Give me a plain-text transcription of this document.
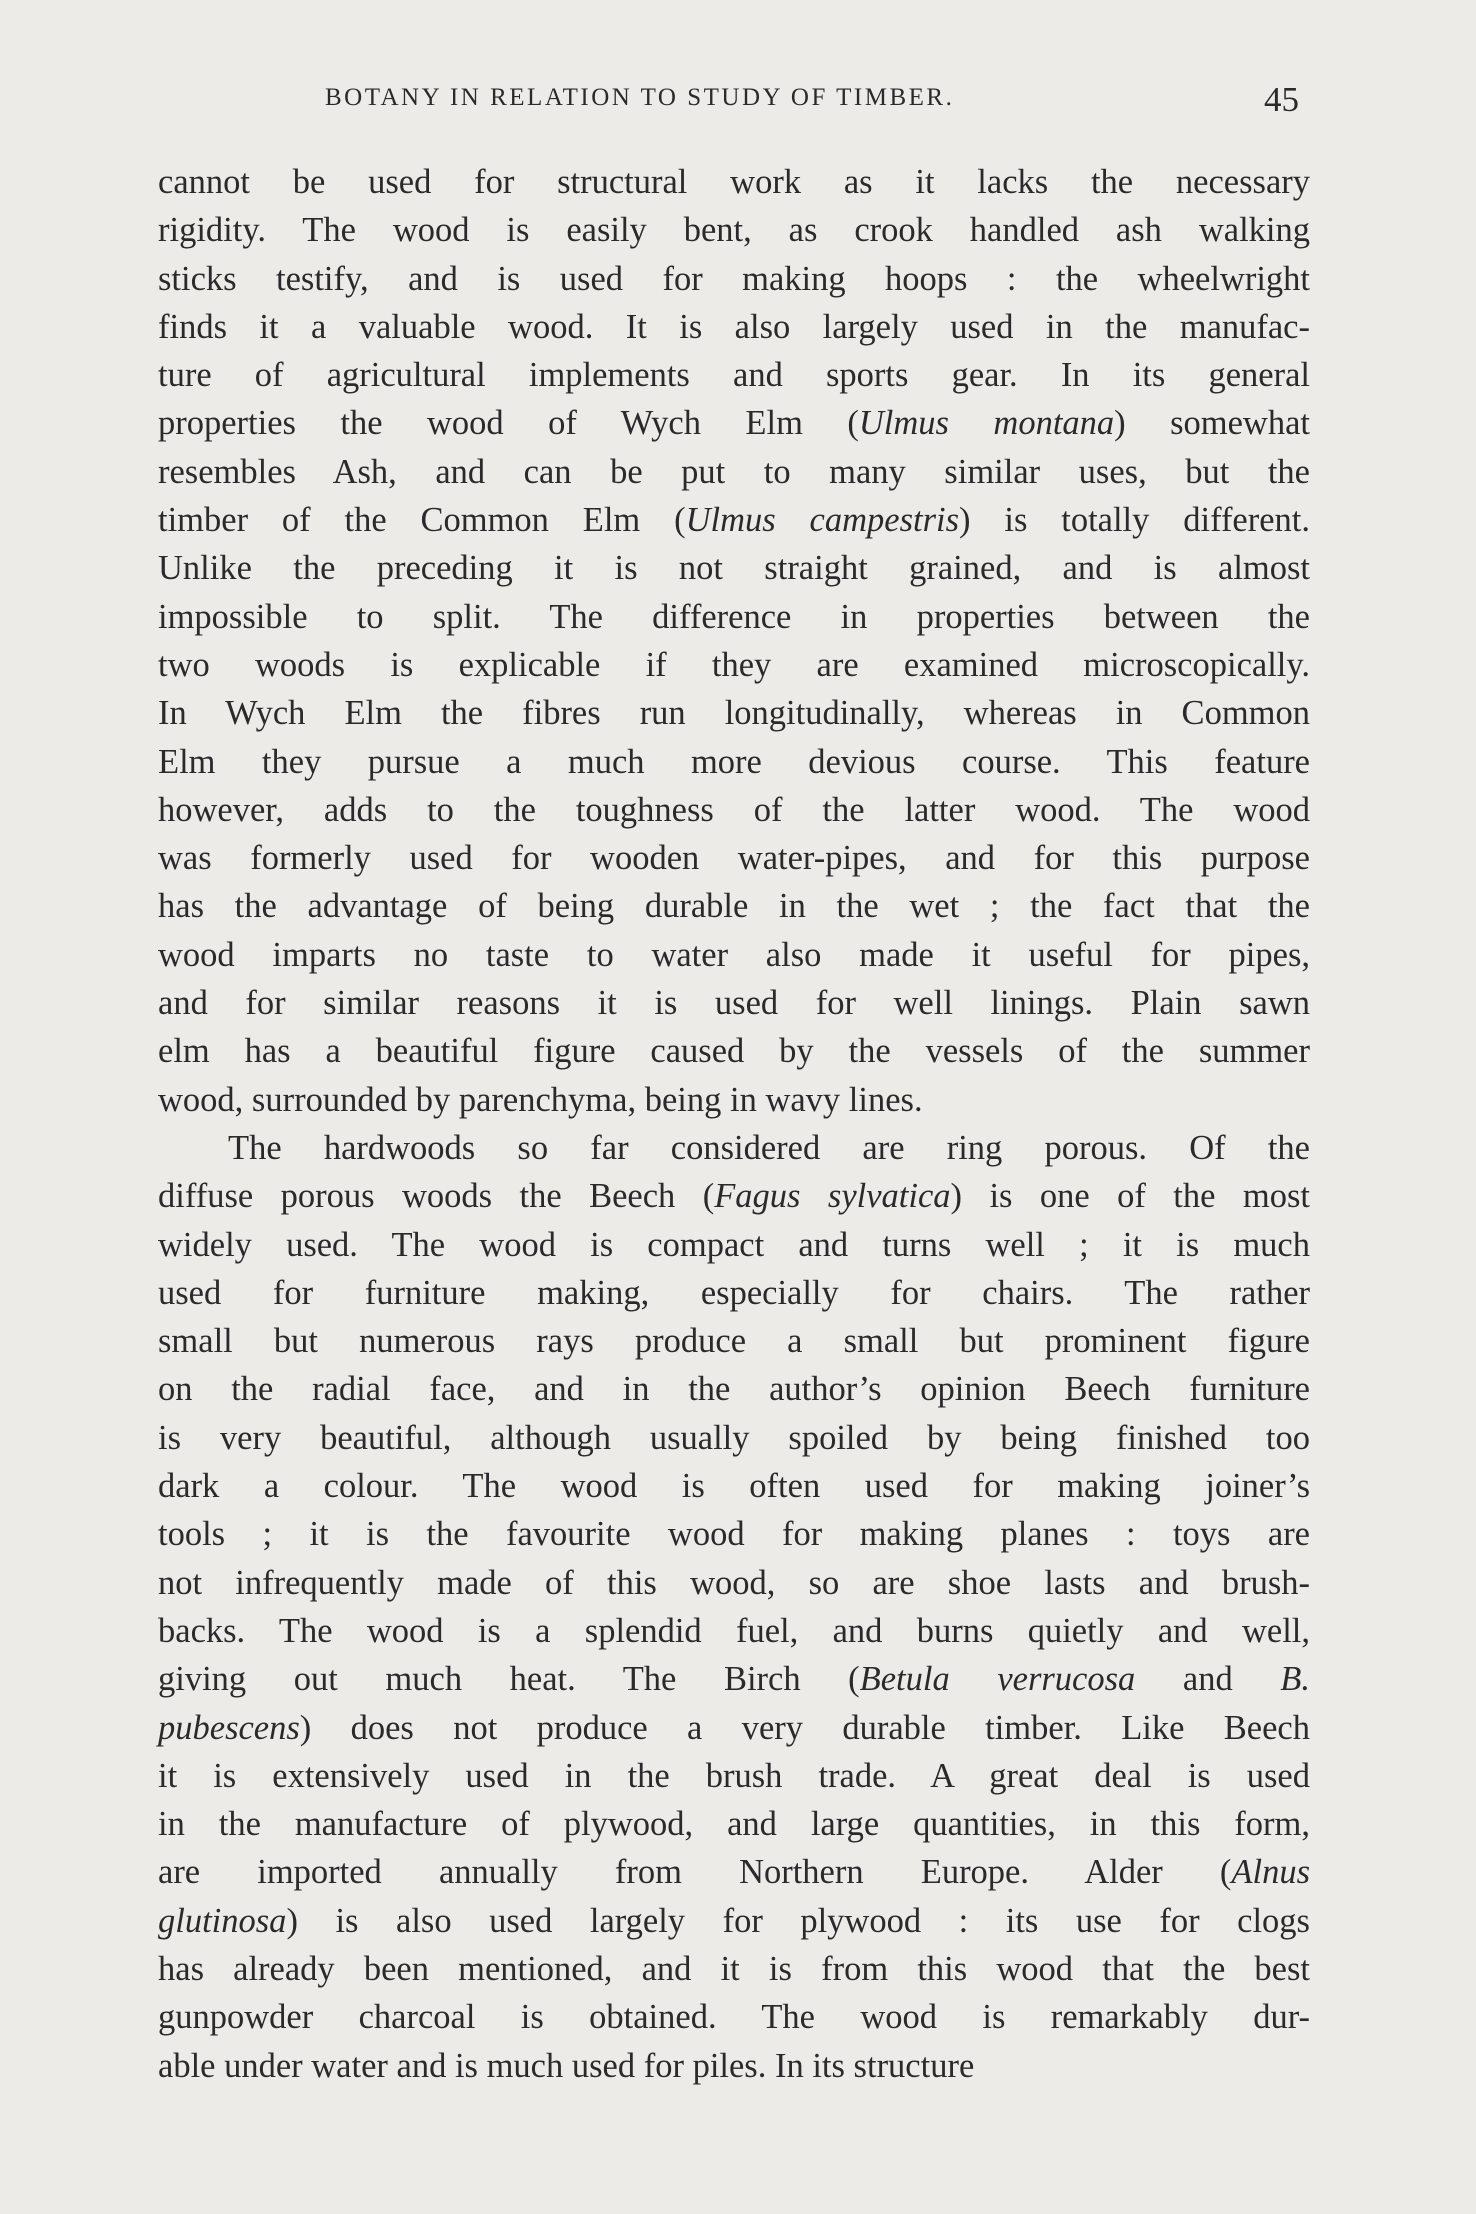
BOTANY IN RELATION TO STUDY OF TIMBER.	45
cannot be used for structural work as it lacks the necessary
rigidity. The wood is easily bent, as crook handled ash walking
sticks testify, and is used for making hoops : the wheelwright
finds it a valuable wood. It is also largely used in the manufac-
ture of agricultural implements and sports gear. In its general
properties the wood of Wych Elm (Ulmus montana) somewhat
resembles Ash, and can be put to many similar uses, but the
timber of the Common Elm (Ulmus campestris) is totally different.
Unlike the preceding it is not straight grained, and is almost
impossible to split. The difference in properties between the
two woods is explicable if they are examined microscopically.
In Wych Elm the fibres run longitudinally, whereas in Common
Elm they pursue a much more devious course. This feature
however, adds to the toughness of the latter wood. The wood
was formerly used for wooden water-pipes, and for this purpose
has the advantage of being durable in the wet ; the fact that the
wood imparts no taste to water also made it useful for pipes,
and for similar reasons it is used for well linings. Plain sawn
elm has a beautiful figure caused by the vessels of the summer
wood, surrounded by parenchyma, being in wavy lines.
The hardwoods so far considered are ring porous. Of the
diffuse porous woods the Beech (Fagus sylvatica) is one of the most
widely used. The wood is compact and turns well ; it is much
used for furniture making, especially for chairs. The rather
small but numerous rays produce a small but prominent figure
on the radial face, and in the author’s opinion Beech furniture
is very beautiful, although usually spoiled by being finished too
dark a colour. The wood is often used for making joiner’s
tools ; it is the favourite wood for making planes : toys are
not infrequently made of this wood, so are shoe lasts and brush-
backs. The wood is a splendid fuel, and burns quietly and well,
giving out much heat. The Birch (Betula verrucosa and B.
pubescens) does not produce a very durable timber. Like Beech
it is extensively used in the brush trade. A great deal is used
in the manufacture of plywood, and large quantities, in this form,
are imported annually from Northern Europe. Alder (Alnus
glutinosa) is also used largely for plywood : its use for clogs
has already been mentioned, and it is from this wood that the best
gunpowder charcoal is obtained. The wood is remarkably dur-
able under water and is much used for piles. In its structure
